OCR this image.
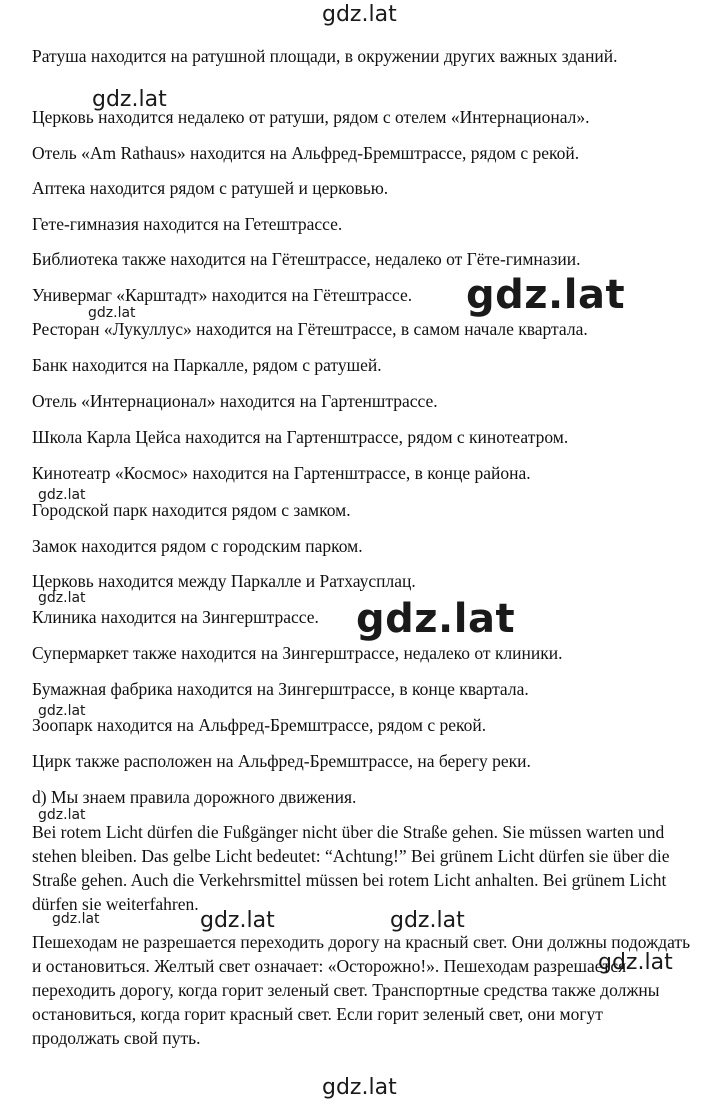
gdz.lat
gdz.lat
gdz.lat
gdz.lat
gdz.lat
gdz.lat	gdz.lat
gdz.lat
gdz.lat
gdz.lat	gdz.lat	gdz.lat
gdz.lat
gdz.lat

Ратуша находится на ратушной площади, в окружении других важных зданий.

Церковь находится недалеко от ратуши, рядом с отелем «Интернационал».

Отель «Am Rathaus» находится на Альфред-Бремштрассе, рядом с рекой.

Аптека находится рядом с ратушей и церковью.

Гете-гимназия находится на Гетештрассе.

Библиотека также находится на Гётештрассе, недалеко от Гёте-гимназии.

Универмаг «Карштадт» находится на Гётештрассе.

Ресторан «Лукуллус» находится на Гётештрассе, в самом начале квартала.

Банк находится на Паркалле, рядом с ратушей.

Отель «Интернационал» находится на Гартенштрассе.

Школа Карла Цейса находится на Гартенштрассе, рядом с кинотеатром.

Кинотеатр «Космос» находится на Гартенштрассе, в конце района.

Городской парк находится рядом с замком.

Замок находится рядом с городским парком.

Церковь находится между Паркалле и Ратхаусплац.

Клиника находится на Зингерштрассе.

Супермаркет также находится на Зингерштрассе, недалеко от клиники.

Бумажная фабрика находится на Зингерштрассе, в конце квартала.

Зоопарк находится на Альфред-Бремштрассе, рядом с рекой.

Цирк также расположен на Альфред-Бремштрассе, на берегу реки.

d) Мы знаем правила дорожного движения.

Bei rotem Licht dürfen die Fußgänger nicht über die Straße gehen. Sie müssen warten und stehen bleiben. Das gelbe Licht bedeutet: “Achtung!” Bei grünem Licht dürfen sie über die Straße gehen. Auch die Verkehrsmittel müssen bei rotem Licht anhalten. Bei grünem Licht dürfen sie weiterfahren.

Пешеходам не разрешается переходить дорогу на красный свет. Они должны подождать и остановиться. Желтый свет означает: «Осторожно!». Пешеходам разрешается переходить дорогу, когда горит зеленый свет. Транспортные средства также должны остановиться, когда горит красный свет. Если горит зеленый свет, они могут продолжать свой путь.
